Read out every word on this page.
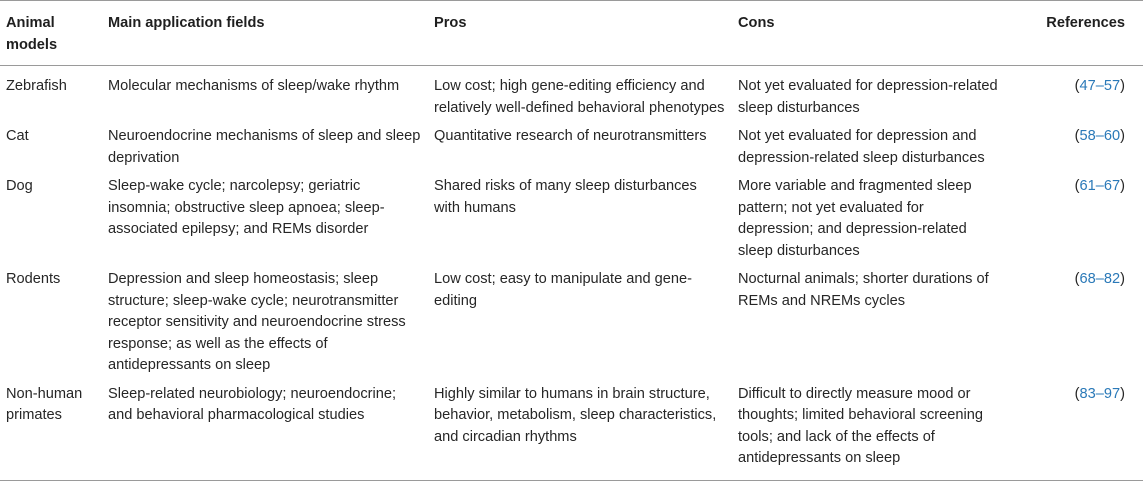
Animal models	Main application fields	Pros	Cons	References
Zebrafish	Molecular mechanisms of sleep/wake rhythm	Low cost; high gene-editing efficiency and relatively well-defined behavioral phenotypes	Not yet evaluated for depression-related sleep disturbances	(47–57)
Cat	Neuroendocrine mechanisms of sleep and sleep deprivation	Quantitative research of neurotransmitters	Not yet evaluated for depression and depression-related sleep disturbances	(58–60)
Dog	Sleep-wake cycle; narcolepsy; geriatric insomnia; obstructive sleep apnoea; sleep-associated epilepsy; and REMs disorder	Shared risks of many sleep disturbances with humans	More variable and fragmented sleep pattern; not yet evaluated for depression; and depression-related sleep disturbances	(61–67)
Rodents	Depression and sleep homeostasis; sleep structure; sleep-wake cycle; neurotransmitter receptor sensitivity and neuroendocrine stress response; as well as the effects of antidepressants on sleep	Low cost; easy to manipulate and gene-editing	Nocturnal animals; shorter durations of REMs and NREMs cycles	(68–82)
Non-human primates	Sleep-related neurobiology; neuroendocrine; and behavioral pharmacological studies	Highly similar to humans in brain structure, behavior, metabolism, sleep characteristics, and circadian rhythms	Difficult to directly measure mood or thoughts; limited behavioral screening tools; and lack of the effects of antidepressants on sleep	(83–97)
